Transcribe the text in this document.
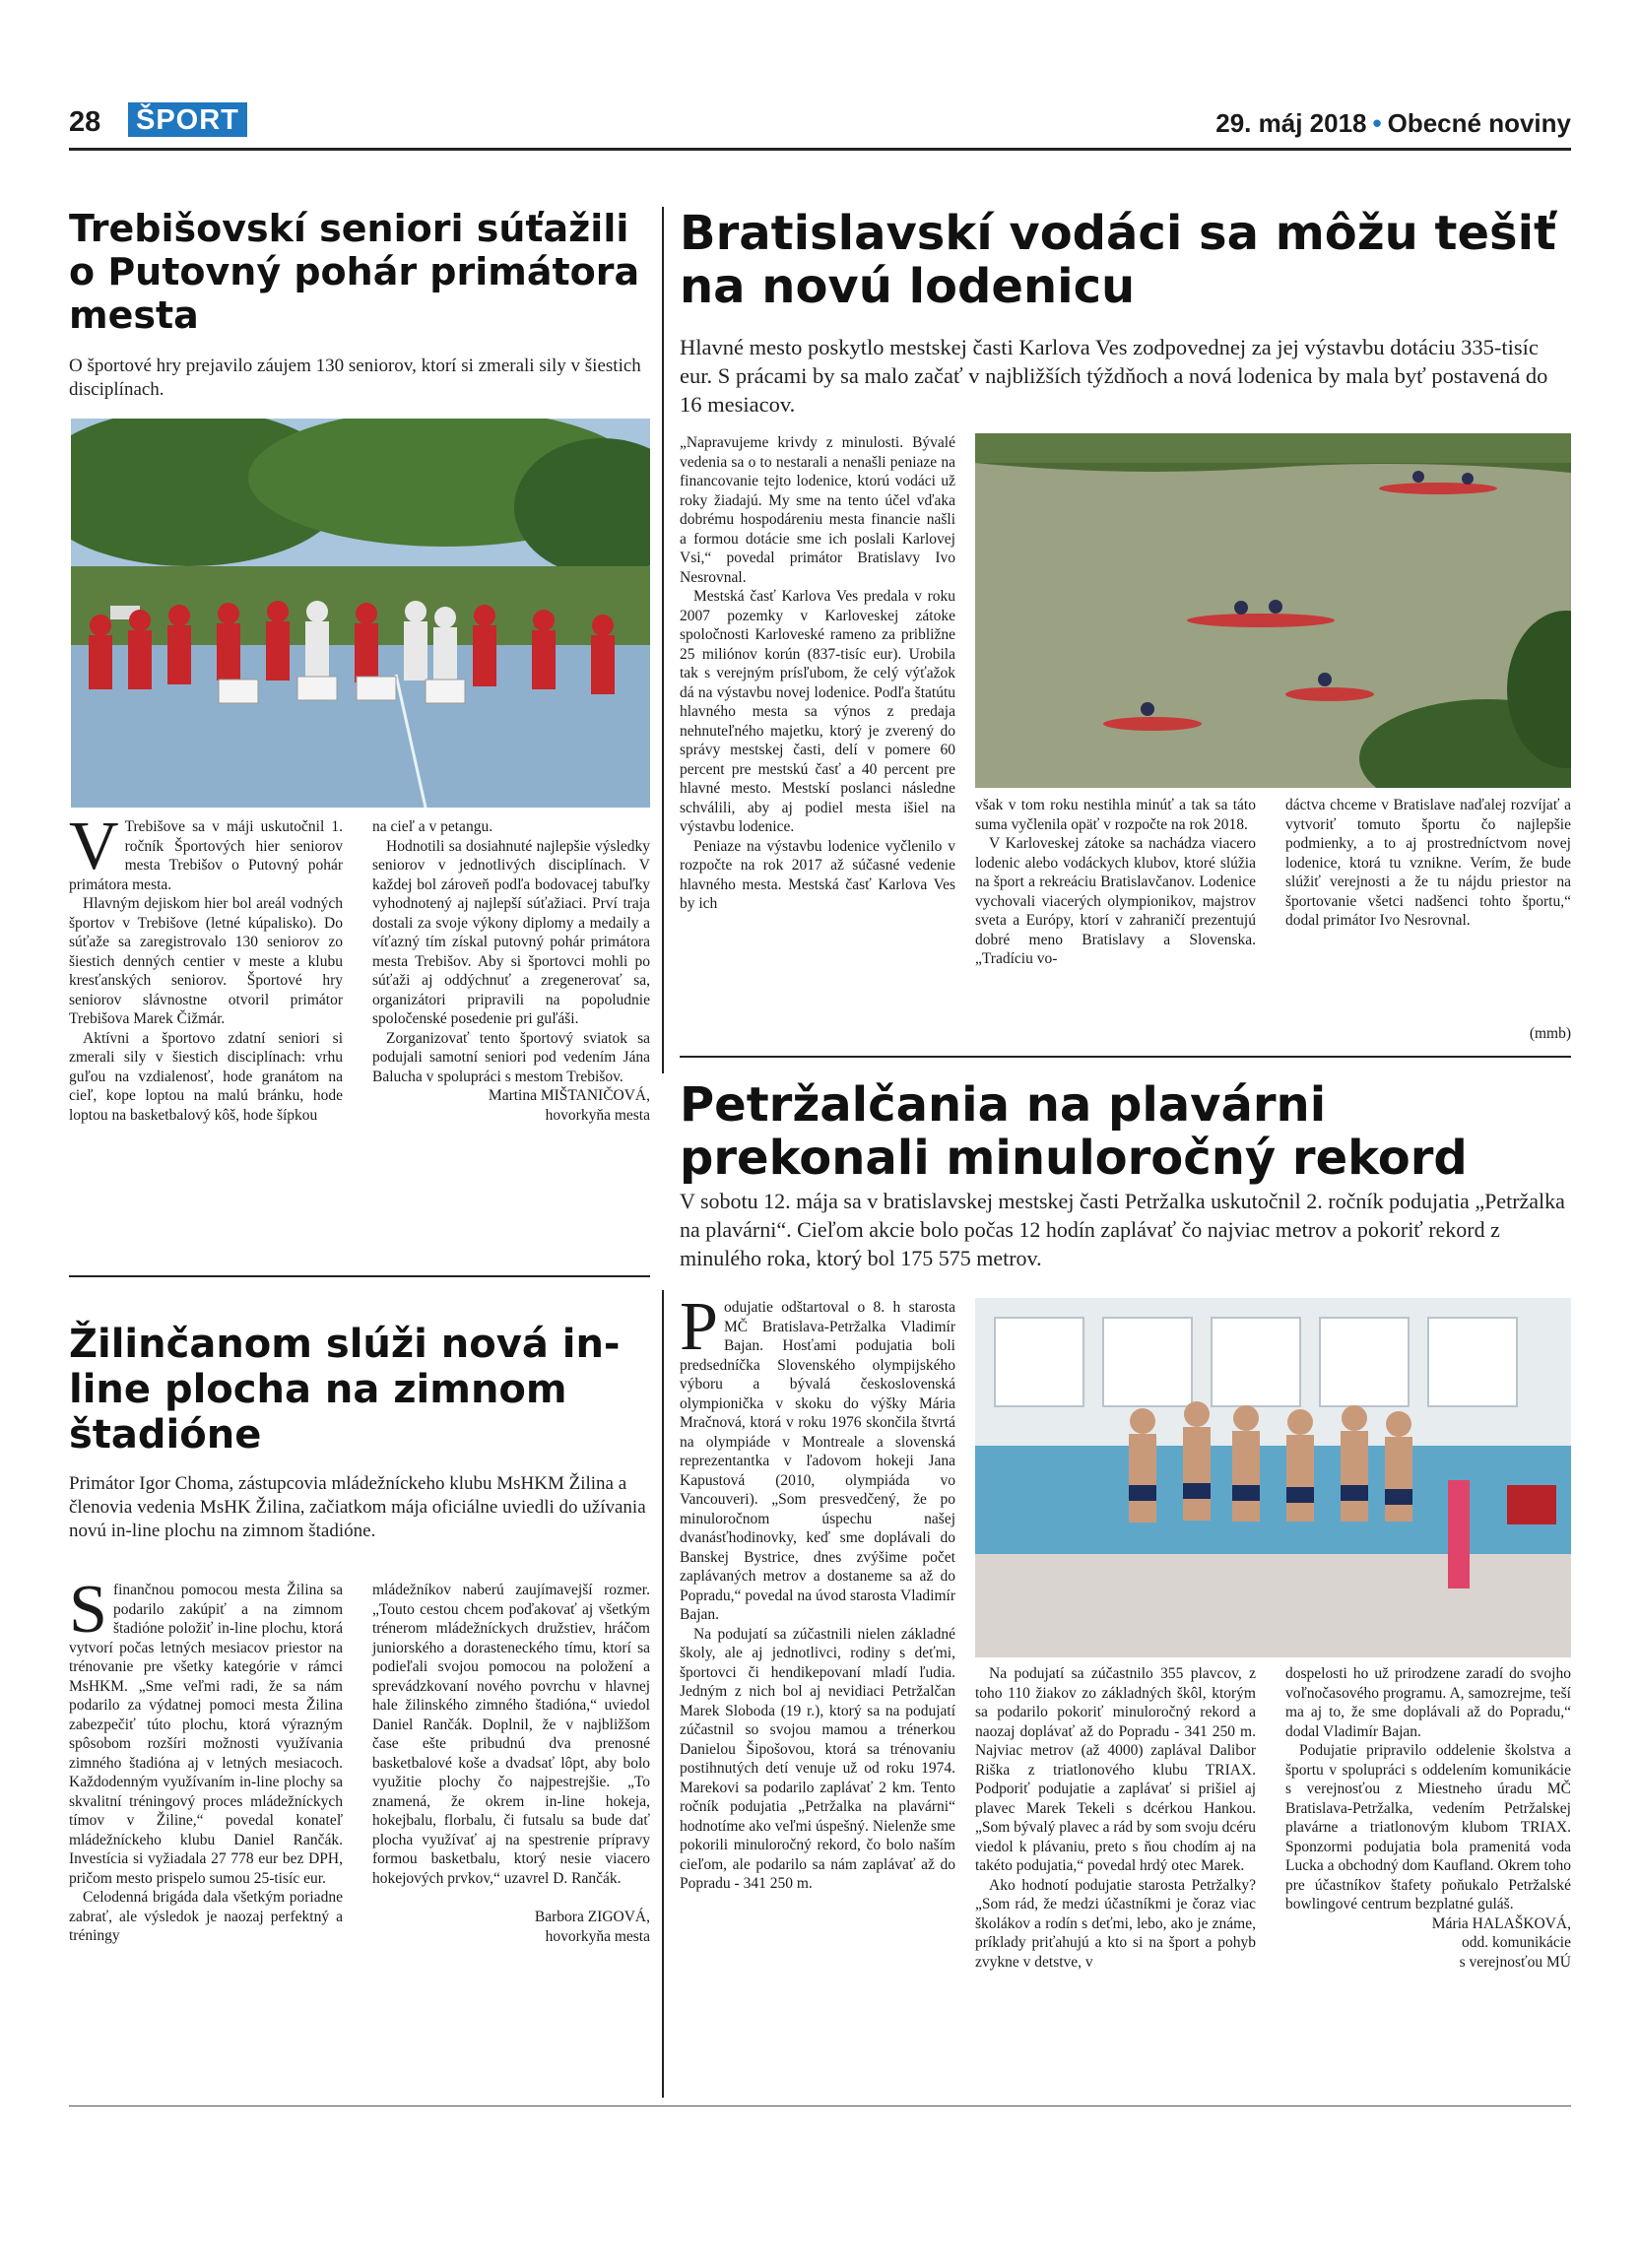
28 ŠPORT	29. máj 2018 • Obecné noviny
Trebišovskí seniori súťažili o Putovný pohár primátora mesta

O športové hry prejavilo záujem 130 seniorov, ktorí si zmerali sily v šiestich disciplínach.

V Trebišove sa v máji uskutočnil 1. ročník Športových hier seniorov mesta Trebišov o Putovný pohár primátora mesta.

Hlavným dejiskom hier bol areál vodných športov v Trebišove (letné kúpalisko). Do súťaže sa zaregistrovalo 130 seniorov zo šiestich denných centier v meste a klubu kresťanských seniorov. Športové hry seniorov slávnostne otvoril primátor Trebišova Marek Čižmár.

Aktívni a športovo zdatní seniori si zmerali sily v šiestich disciplínach: vrhu guľou na vzdialenosť, hode granátom na cieľ, kope loptou na malú bránku, hode loptou na basketbalový kôš, hode šípkou

na cieľ a v petangu.

Hodnotili sa dosiahnuté najlepšie výsledky seniorov v jednotlivých disciplínach. V každej bol zároveň podľa bodovacej tabuľky vyhodnotený aj najlepší súťažiaci. Prví traja dostali za svoje výkony diplomy a medaily a víťazný tím získal putovný pohár primátora mesta Trebišov. Aby si športovci mohli po súťaži aj oddýchnuť a zregenerovať sa, organizátori pripravili na popoludnie spoločenské posedenie pri guľáši.

Zorganizovať tento športový sviatok sa podujali samotní seniori pod vedením Jána Balucha v spolupráci s mestom Trebišov.

Martina MIŠTANIČOVÁ,

hovorkyňa mesta

Bratislavskí vodáci sa môžu tešiť na novú lodenicu

Hlavné mesto poskytlo mestskej časti Karlova Ves zodpovednej za jej výstavbu dotáciu 335-tisíc eur. S prácami by sa malo začať v najbližších týždňoch a nová lodenica by mala byť postavená do 16 mesiacov.

„Napravujeme krivdy z minulosti. Bývalé vedenia sa o to nestarali a nenašli peniaze na financovanie tejto lodenice, ktorú vodáci už roky žiadajú. My sme na tento účel vďaka dobrému hospodáreniu mesta financie našli a formou dotácie sme ich poslali Karlovej Vsi,“ povedal primátor Bratislavy Ivo Nesrovnal.

Mestská časť Karlova Ves predala v roku 2007 pozemky v Karloveskej zátoke spoločnosti Karloveské rameno za približne 25 miliónov korún (837-tisíc eur). Urobila tak s verejným prísľubom, že celý výťažok dá na výstavbu novej lodenice. Podľa štatútu hlavného mesta sa výnos z predaja nehnuteľného majetku, ktorý je zverený do správy mestskej časti, delí v pomere 60 percent pre mestskú časť a 40 percent pre hlavné mesto. Mestskí poslanci následne schválili, aby aj podiel mesta išiel na výstavbu lodenice.

Peniaze na výstavbu lodenice vyčlenilo v rozpočte na rok 2017 až súčasné vedenie hlavného mesta. Mestská časť Karlova Ves by ich

však v tom roku nestihla minúť a tak sa táto suma vyčlenila opäť v rozpočte na rok 2018.

V Karloveskej zátoke sa nachádza viacero lodenic alebo vodáckych klubov, ktoré slúžia na šport a rekreáciu Bratislavčanov. Lodenice vychovali viacerých olympionikov, majstrov sveta a Európy, ktorí v zahraničí prezentujú dobré meno Bratislavy a Slovenska. „Tradíciu vo-

dáctva chceme v Bratislave naďalej rozvíjať a vytvoriť tomuto športu čo najlepšie podmienky, a to aj prostredníctvom novej lodenice, ktorá tu vznikne. Verím, že bude slúžiť verejnosti a že tu nájdu priestor na športovanie všetci nadšenci tohto športu,“ dodal primátor Ivo Nesrovnal.

(mmb)

Žilinčanom slúži nová in-line plocha na zimnom štadióne

Primátor Igor Choma, zástupcovia mládežníckeho klubu MsHKM Žilina a členovia vedenia MsHK Žilina, začiatkom mája oficiálne uviedli do užívania novú in-line plochu na zimnom štadióne.

S finančnou pomocou mesta Žilina sa podarilo zakúpiť a na zimnom štadióne položiť in-line plochu, ktorá vytvorí počas letných mesiacov priestor na trénovanie pre všetky kategórie v rámci MsHKM. „Sme veľmi radi, že sa nám podarilo za výdatnej pomoci mesta Žilina zabezpečiť túto plochu, ktorá výrazným spôsobom rozšíri možnosti využívania zimného štadióna aj v letných mesiacoch. Každodenným využívaním in-line plochy sa skvalitní tréningový proces mládežníckych tímov v Žiline,“ povedal konateľ mládežníckeho klubu Daniel Rančák. Investícia si vyžiadala 27 778 eur bez DPH, pričom mesto prispelo sumou 25-tisíc eur.

Celodenná brigáda dala všetkým poriadne zabrať, ale výsledok je naozaj perfektný a tréningy

mládežníkov naberú zaujímavejší rozmer. „Touto cestou chcem poďakovať aj všetkým trénerom mládežníckych družstiev, hráčom juniorského a dorasteneckého tímu, ktorí sa podieľali svojou pomocou na položení a sprevádzkovaní nového povrchu v hlavnej hale žilinského zimného štadióna,“ uviedol Daniel Rančák. Doplnil, že v najbližšom čase ešte pribudnú dva prenosné basketbalové koše a dvadsať lôpt, aby bolo využitie plochy čo najpestrejšie. „To znamená, že okrem in-line hokeja, hokejbalu, florbalu, či futsalu sa bude dať plocha využívať aj na spestrenie prípravy formou basketbalu, ktorý nesie viacero hokejových prvkov,“ uzavrel D. Rančák.

Barbora ZIGOVÁ,

hovorkyňa mesta

Petržalčania na plavárni prekonali minuloročný rekord

V sobotu 12. mája sa v bratislavskej mestskej časti Petržalka uskutočnil 2. ročník podujatia „Petržalka na plavárni“. Cieľom akcie bolo počas 12 hodín zaplávať čo najviac metrov a pokoriť rekord z minulého roka, ktorý bol 175 575 metrov.

P odujatie odštartoval o 8. h starosta MČ Bratislava-Petržalka Vladimír Bajan. Hosťami podujatia boli predsedníčka Slovenského olympijského výboru a bývalá československá olympionička v skoku do výšky Mária Mračnová, ktorá v roku 1976 skončila štvrtá na olympiáde v Montreale a slovenská reprezentantka v ľadovom hokeji Jana Kapustová (2010, olympiáda vo Vancouveri). „Som presvedčený, že po minuloročnom úspechu našej dvanásťhodinovky, keď sme doplávali do Banskej Bystrice, dnes zvýšime počet zaplávaných metrov a dostaneme sa až do Popradu,“ povedal na úvod starosta Vladimír Bajan.

Na podujatí sa zúčastnili nielen základné školy, ale aj jednotlivci, rodiny s deťmi, športovci či hendikepovaní mladí ľudia. Jedným z nich bol aj nevidiaci Petržalčan Marek Sloboda (19 r.), ktorý sa na podujatí zúčastnil so svojou mamou a trénerkou Danielou Šipošovou, ktorá sa trénovaniu postihnutých detí venuje už od roku 1974. Marekovi sa podarilo zaplávať 2 km. Tento ročník podujatia „Petržalka na plavárni“ hodnotíme ako veľmi úspešný. Nielenže sme pokorili minuloročný rekord, čo bolo naším cieľom, ale podarilo sa nám zaplávať až do Popradu - 341 250 m.

Na podujatí sa zúčastnilo 355 plavcov, z toho 110 žiakov zo základných škôl, ktorým sa podarilo pokoriť minuloročný rekord a naozaj doplávať až do Popradu - 341 250 m. Najviac metrov (až 4000) zaplával Dalibor Riška z triatlonového klubu TRIAX. Podporiť podujatie a zaplávať si prišiel aj plavec Marek Tekeli s dcérkou Hankou. „Som bývalý plavec a rád by som svoju dcéru viedol k plávaniu, preto s ňou chodím aj na takéto podujatia,“ povedal hrdý otec Marek.

Ako hodnotí podujatie starosta Petržalky? „Som rád, že medzi účastníkmi je čoraz viac školákov a rodín s deťmi, lebo, ako je známe, príklady priťahujú a kto si na šport a pohyb zvykne v detstve, v

dospelosti ho už prirodzene zaradí do svojho voľnočasového programu. A, samozrejme, teší ma aj to, že sme doplávali až do Popradu,“ dodal Vladimír Bajan.

Podujatie pripravilo oddelenie školstva a športu v spolupráci s oddelením komunikácie s verejnosťou z Miestneho úradu MČ Bratislava-Petržalka, vedením Petržalskej plavárne a triatlonovým klubom TRIAX. Sponzormi podujatia bola pramenitá voda Lucka a obchodný dom Kaufland. Okrem toho pre účastníkov štafety poňukalo Petržalské bowlingové centrum bezplatné guláš.

Mária HALAŠKOVÁ,

odd. komunikácie

s verejnosťou MÚ
